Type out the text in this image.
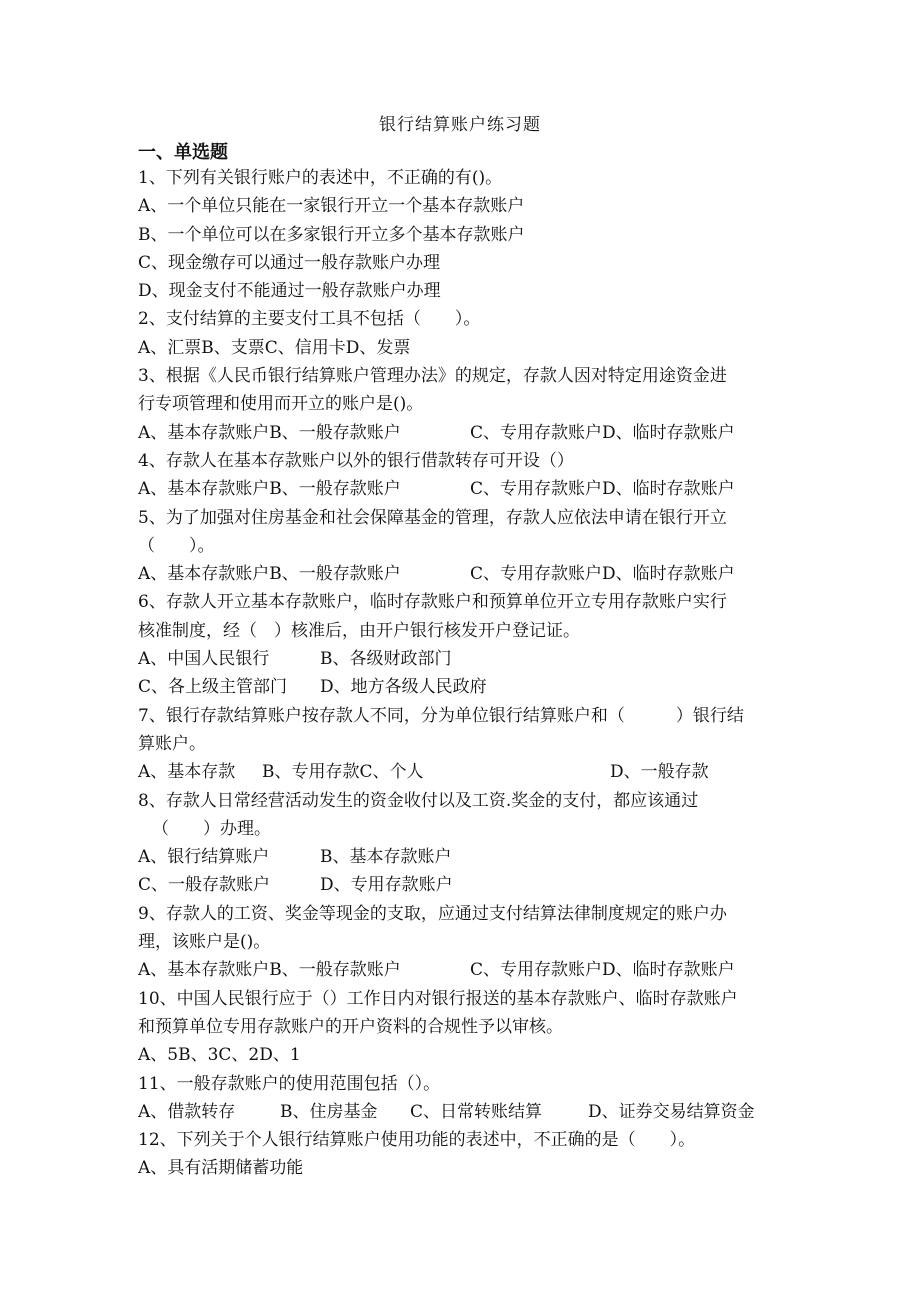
银行结算账户练习题
一、单选题
1、下列有关银行账户的表述中，不正确的有()。
A、一个单位只能在一家银行开立一个基本存款账户
B、一个单位可以在多家银行开立多个基本存款账户
C、现金缴存可以通过一般存款账户办理
D、现金支付不能通过一般存款账户办理
2、支付结算的主要支付工具不包括（　　）。
A、汇票B、支票C、信用卡D、发票
3、根据《人民币银行结算账户管理办法》的规定，存款人因对特定用途资金进
行专项管理和使用而开立的账户是()。
A、基本存款账户B、一般存款账户	C、专用存款账户D、临时存款账户
4、存款人在基本存款账户以外的银行借款转存可开设（）
A、基本存款账户B、一般存款账户	C、专用存款账户D、临时存款账户
5、为了加强对住房基金和社会保障基金的管理，存款人应依法申请在银行开立
（　　）。
A、基本存款账户B、一般存款账户	C、专用存款账户D、临时存款账户
6、存款人开立基本存款账户，临时存款账户和预算单位开立专用存款账户实行
核准制度，经（　）核准后，由开户银行核发开户登记证。
A、中国人民银行	B、各级财政部门
C、各上级主管部门 D、地方各级人民政府
7、银行存款结算账户按存款人不同，分为单位银行结算账户和（　　　）银行结
算账户。
A、基本存款 B、专用存款C、个人	D、一般存款
8、存款人日常经营活动发生的资金收付以及工资.奖金的支付，都应该通过
（　　）办理。
A、银行结算账户	B、基本存款账户
C、一般存款账户	D、专用存款账户
9、存款人的工资、奖金等现金的支取，应通过支付结算法律制度规定的账户办
理，该账户是()。
A、基本存款账户B、一般存款账户	C、专用存款账户D、临时存款账户
10、中国人民银行应于（）工作日内对银行报送的基本存款账户、临时存款账户
和预算单位专用存款账户的开户资料的合规性予以审核。
A、5B、3C、2D、1
11、一般存款账户的使用范围包括（）。
A、借款转存	B、住房基金 C、日常转账结算	D、证券交易结算资金
12、下列关于个人银行结算账户使用功能的表述中，不正确的是（　　）。
A、具有活期储蓄功能
